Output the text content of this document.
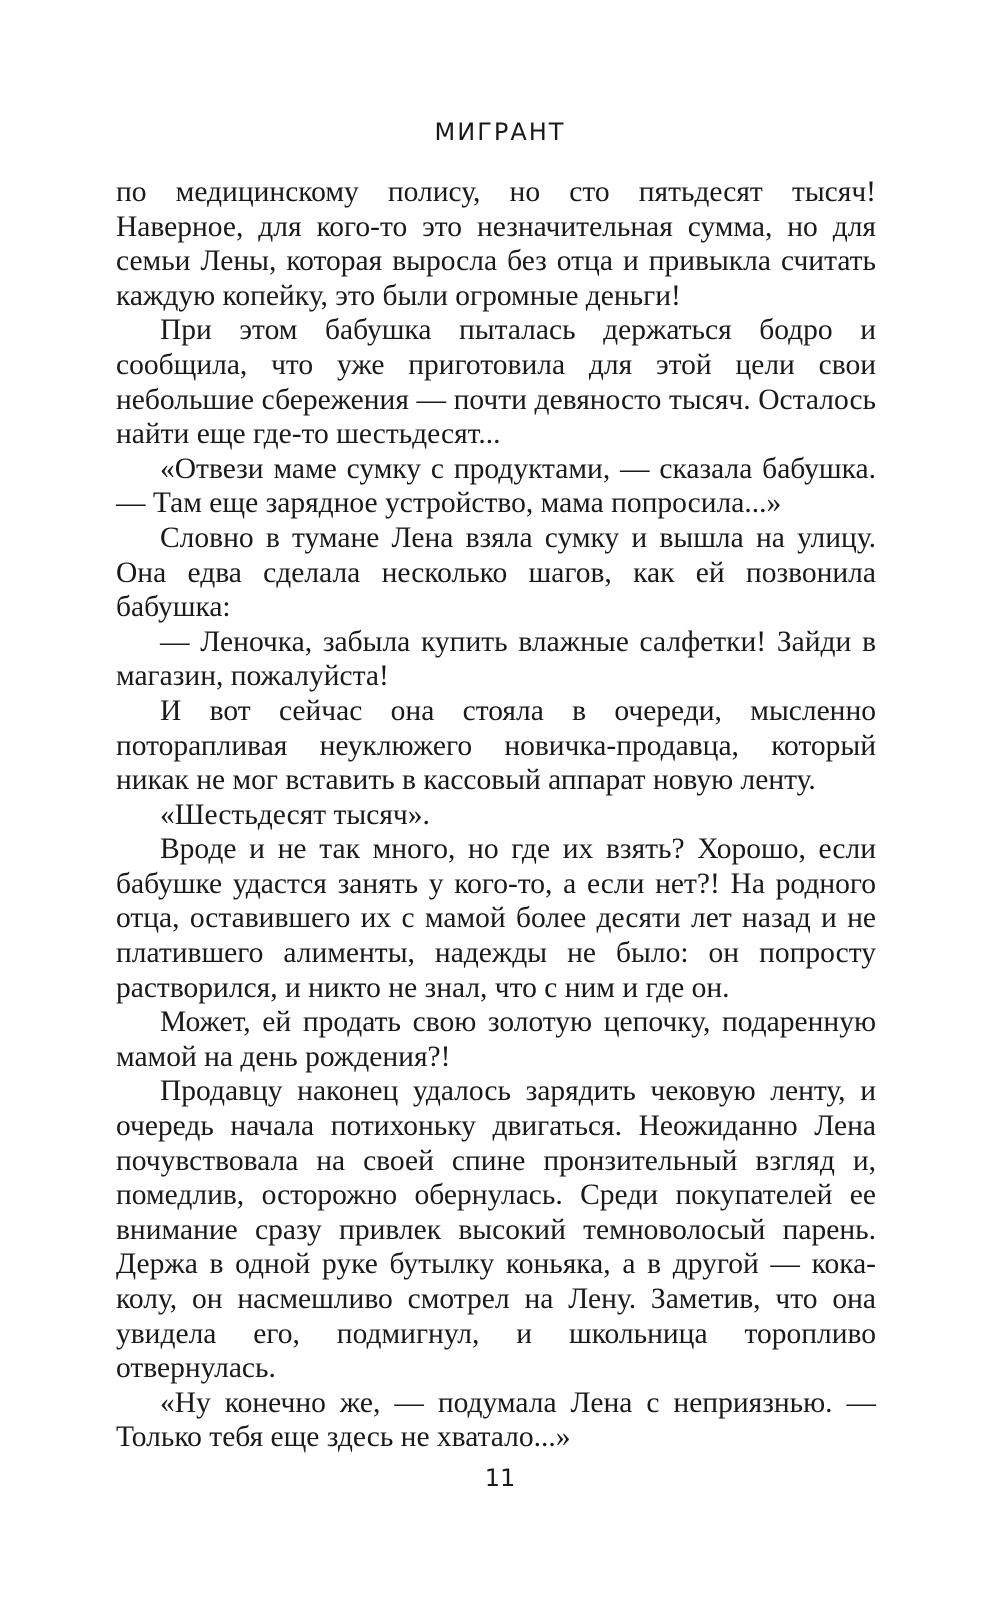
МИГРАНТ

по медицинскому полису, но сто пятьдесят тысяч! Наверное, для кого-то это незначительная сумма, но для семьи Лены, которая выросла без отца и привыкла считать каждую копейку, это были огромные деньги!

При этом бабушка пыталась держаться бодро и сообщила, что уже приготовила для этой цели свои небольшие сбережения — почти девяносто тысяч. Осталось найти еще где-то шестьдесят...

«Отвези маме сумку с продуктами, — сказала бабушка. — Там еще зарядное устройство, мама попросила...»

Словно в тумане Лена взяла сумку и вышла на улицу. Она едва сделала несколько шагов, как ей позвонила бабушка:

— Леночка, забыла купить влажные салфетки! Зайди в магазин, пожалуйста!

И вот сейчас она стояла в очереди, мысленно поторапливая неуклюжего новичка-продавца, который никак не мог вставить в кассовый аппарат новую ленту.

«Шестьдесят тысяч».

Вроде и не так много, но где их взять? Хорошо, если бабушке удастся занять у кого-то, а если нет?! На родного отца, оставившего их с мамой более десяти лет назад и не платившего алименты, надежды не было: он попросту растворился, и никто не знал, что с ним и где он.

Может, ей продать свою золотую цепочку, подаренную мамой на день рождения?!

Продавцу наконец удалось зарядить чековую ленту, и очередь начала потихоньку двигаться. Неожиданно Лена почувствовала на своей спине пронзительный взгляд и, помедлив, осторожно обернулась. Среди покупателей ее внимание сразу привлек высокий темноволосый парень. Держа в одной руке бутылку коньяка, а в другой — кока-колу, он насмешливо смотрел на Лену. Заметив, что она увидела его, подмигнул, и школьница торопливо отвернулась.

«Ну конечно же, — подумала Лена с неприязнью. — Только тебя еще здесь не хватало...»

11
